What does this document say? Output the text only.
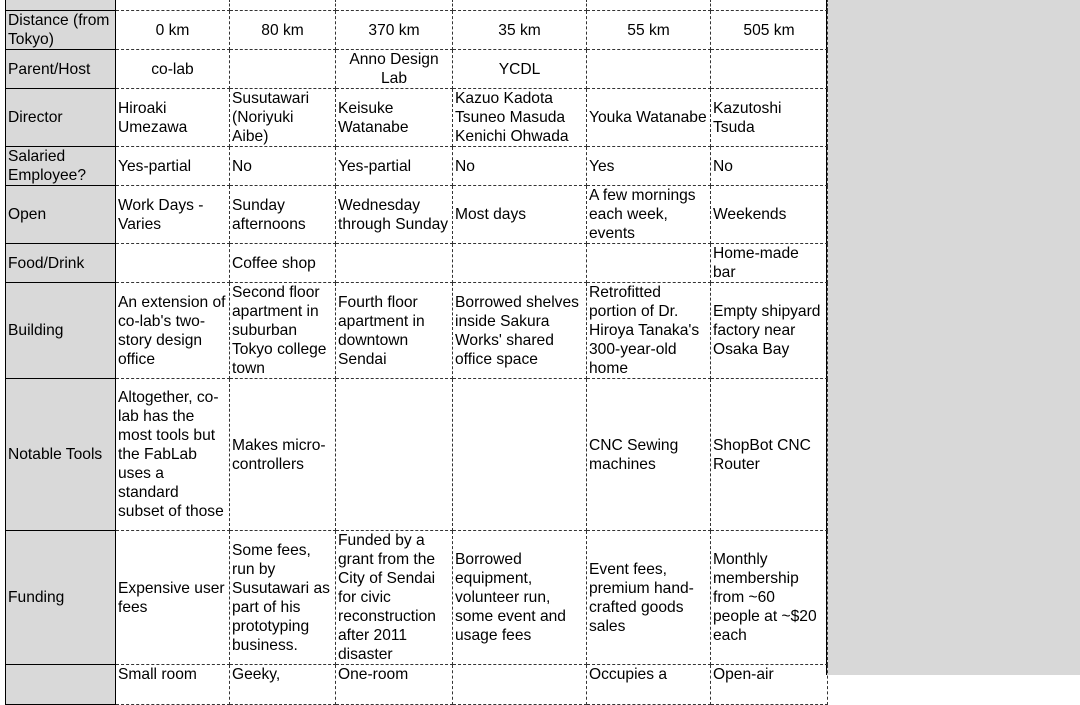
Distance (from Tokyo)	0 km	80 km	370 km	35 km	55 km	505 km
Parent/Host	co-lab		Anno Design Lab	YCDL		
Director	Hiroaki Umezawa	Susutawari (Noriyuki Aibe)	Keisuke Watanabe	Kazuo Kadota Tsuneo Masuda Kenichi Ohwada	Youka Watanabe	Kazutoshi Tsuda
Salaried Employee?	Yes-partial	No	Yes-partial	No	Yes	No
Open	Work Days - Varies	Sunday afternoons	Wednesday through Sunday	Most days	A few mornings each week, events	Weekends
Food/Drink		Coffee shop				Home-made bar
Building	An extension of co-lab's two-story design office	Second floor apartment in suburban Tokyo college town	Fourth floor apartment in downtown Sendai	Borrowed shelves inside Sakura Works' shared office space	Retrofitted portion of Dr. Hiroya Tanaka's 300-year-old home	Empty shipyard factory near Osaka Bay
Notable Tools	Altogether, co-lab has the most tools but the FabLab uses a standard subset of those	Makes micro-controllers			CNC Sewing machines	ShopBot CNC Router
Funding	Expensive user fees	Some fees, run by Susutawari as part of his prototyping business.	Funded by a grant from the City of Sendai for civic reconstruction after 2011 disaster	Borrowed equipment, volunteer run, some event and usage fees	Event fees, premium hand-crafted goods sales	Monthly membership from ~60 people at ~$20 each
	Small room	Geeky,	One-room		Occupies a	Open-air
